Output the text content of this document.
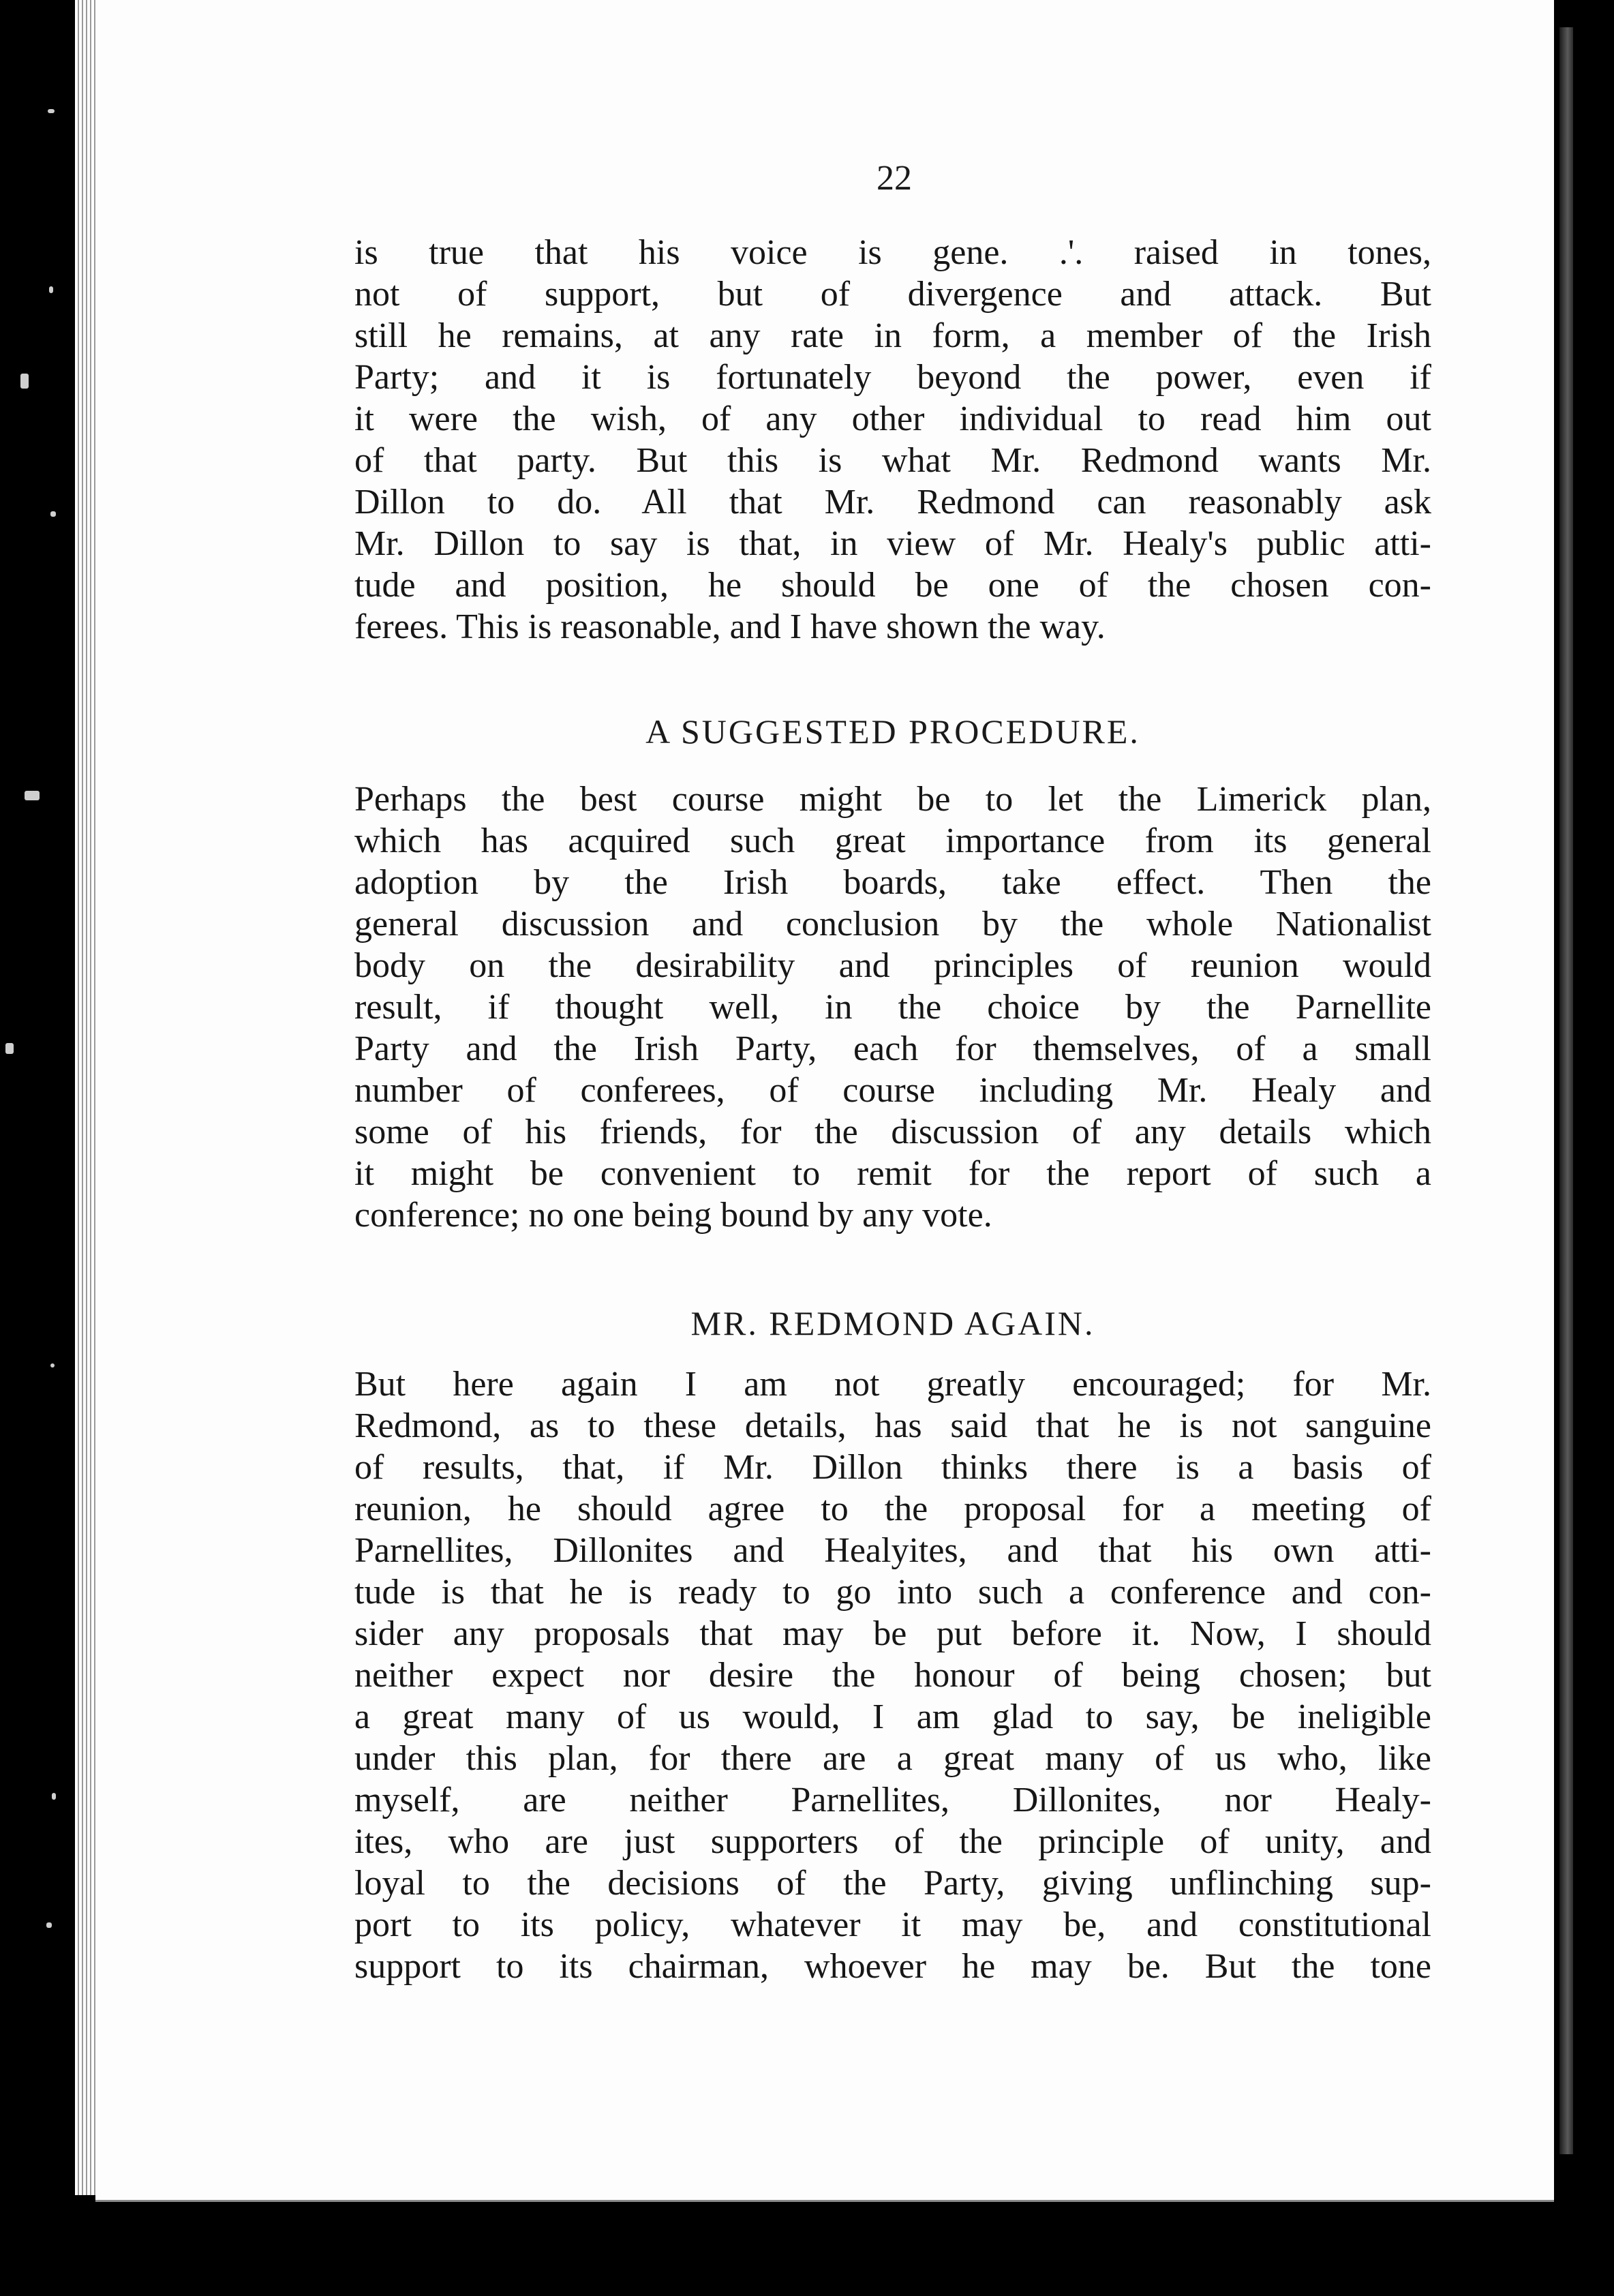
22
is true that his voice is gene. .'. raised in tones,
not of support, but of divergence and attack. But
still he remains, at any rate in form, a member of the Irish
Party; and it is fortunately beyond the power, even if
it were the wish, of any other individual to read him out
of that party. But this is what Mr. Redmond wants Mr.
Dillon to do. All that Mr. Redmond can reasonably ask
Mr. Dillon to say is that, in view of Mr. Healy's public atti-
tude and position, he should be one of the chosen con-
ferees. This is reasonable, and I have shown the way.
A SUGGESTED PROCEDURE.
Perhaps the best course might be to let the Limerick plan,
which has acquired such great importance from its general
adoption by the Irish boards, take effect. Then the
general discussion and conclusion by the whole Nationalist
body on the desirability and principles of reunion would
result, if thought well, in the choice by the Parnellite
Party and the Irish Party, each for themselves, of a small
number of conferees, of course including Mr. Healy and
some of his friends, for the discussion of any details which
it might be convenient to remit for the report of such a
conference; no one being bound by any vote.
MR. REDMOND AGAIN.
But here again I am not greatly encouraged; for Mr.
Redmond, as to these details, has said that he is not sanguine
of results, that, if Mr. Dillon thinks there is a basis of
reunion, he should agree to the proposal for a meeting of
Parnellites, Dillonites and Healyites, and that his own atti-
tude is that he is ready to go into such a conference and con-
sider any proposals that may be put before it. Now, I should
neither expect nor desire the honour of being chosen; but
a great many of us would, I am glad to say, be ineligible
under this plan, for there are a great many of us who, like
myself, are neither Parnellites, Dillonites, nor Healy-
ites, who are just supporters of the principle of unity, and
loyal to the decisions of the Party, giving unflinching sup-
port to its policy, whatever it may be, and constitutional
support to its chairman, whoever he may be. But the tone
